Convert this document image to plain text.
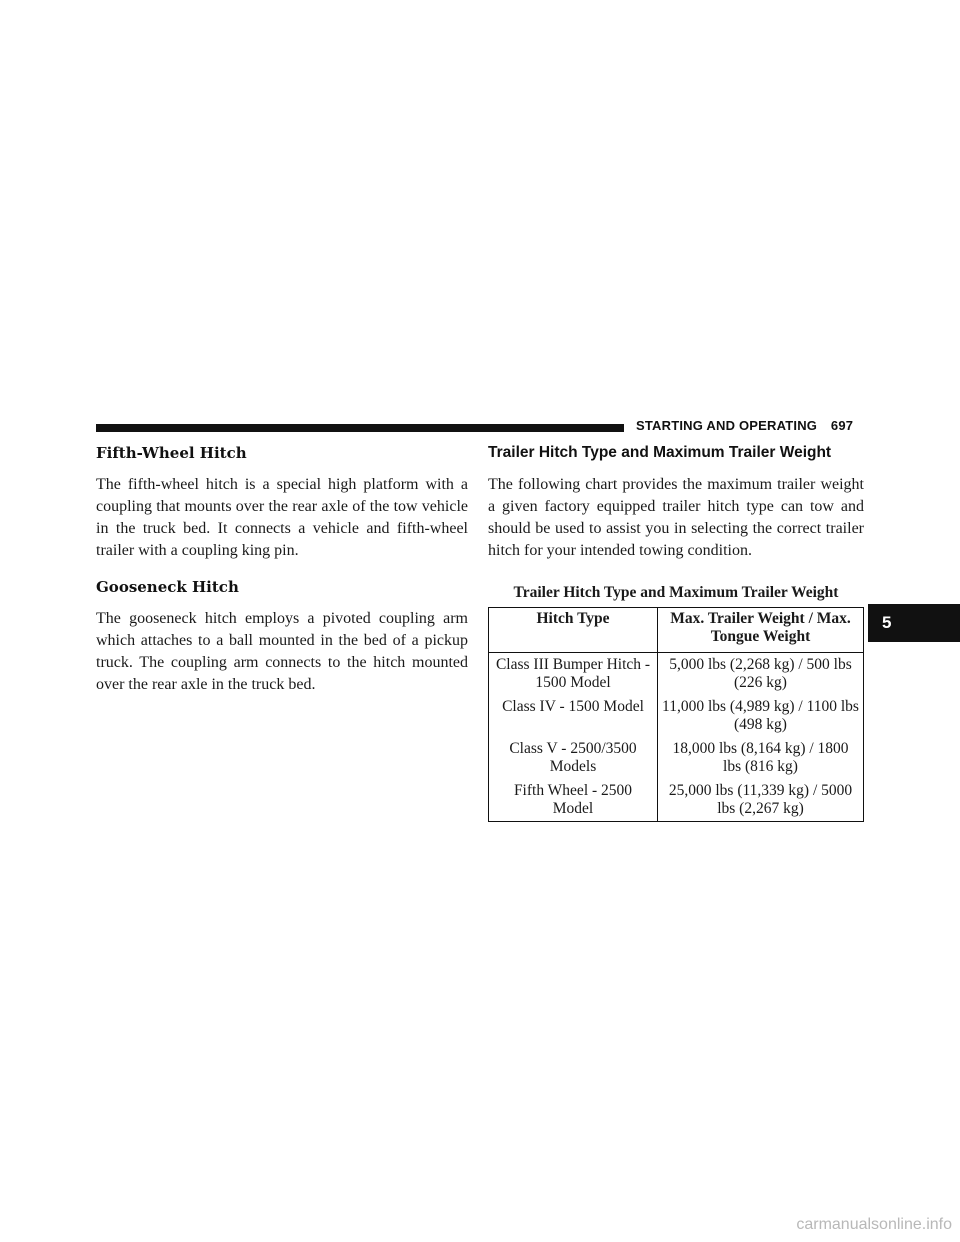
STARTING AND OPERATING 697
Fifth-Wheel Hitch

The fifth-wheel hitch is a special high platform with a coupling that mounts over the rear axle of the tow vehicle in the truck bed. It connects a vehicle and fifth-wheel trailer with a coupling king pin.

Gooseneck Hitch

The gooseneck hitch employs a pivoted coupling arm which attaches to a ball mounted in the bed of a pickup truck. The coupling arm connects to the hitch mounted over the rear axle in the truck bed.

Trailer Hitch Type and Maximum Trailer Weight

The following chart provides the maximum trailer weight a given factory equipped trailer hitch type can tow and should be used to assist you in selecting the correct trailer hitch for your intended towing condition.

Trailer Hitch Type and Maximum Trailer Weight
Hitch Type	Max. Trailer Weight / Max. Tongue Weight
Class III Bumper Hitch - 1500 Model	5,000 lbs (2,268 kg) / 500 lbs (226 kg)
Class IV - 1500 Model	11,000 lbs (4,989 kg) / 1100 lbs (498 kg)
Class V - 2500/3500 Models	18,000 lbs (8,164 kg) / 1800 lbs (816 kg)
Fifth Wheel - 2500 Model	25,000 lbs (11,339 kg) / 5000 lbs (2,267 kg)
5
carmanualsonline.info
